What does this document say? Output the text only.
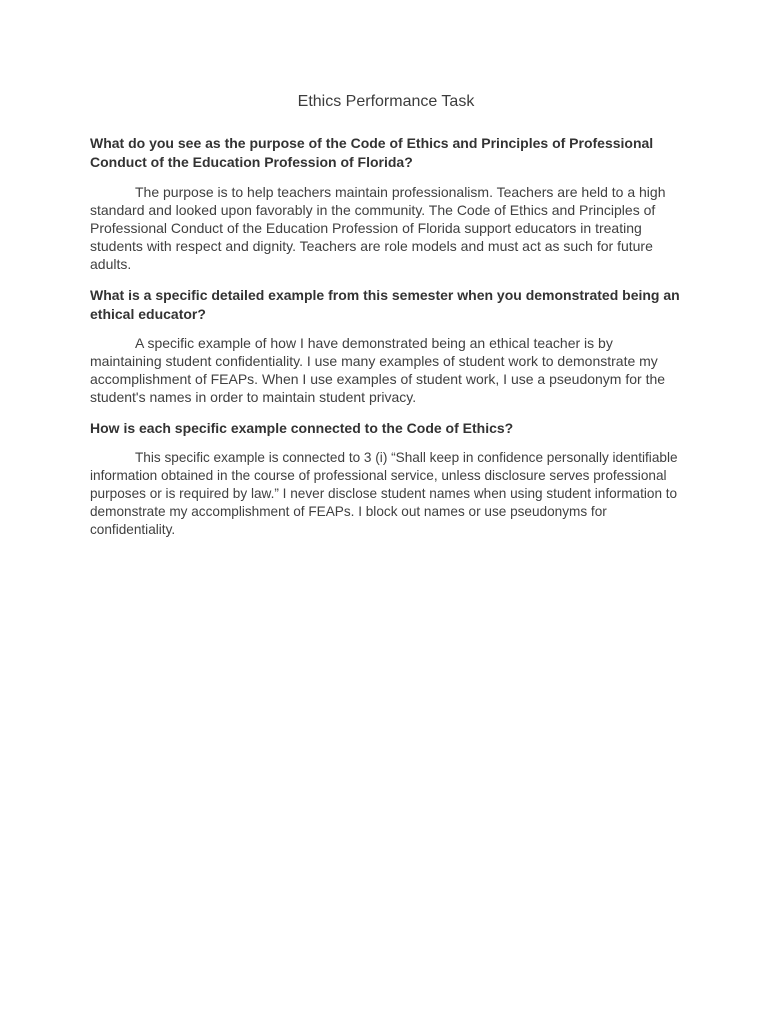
Ethics Performance Task
What do you see as the purpose of the Code of Ethics and Principles of Professional Conduct of the Education Profession of Florida?
The purpose is to help teachers maintain professionalism. Teachers are held to a high standard and looked upon favorably in the community. The Code of Ethics and Principles of Professional Conduct of the Education Profession of Florida support educators in treating students with respect and dignity. Teachers are role models and must act as such for future adults.
What is a specific detailed example from this semester when you demonstrated being an ethical educator?
A specific example of how I have demonstrated being an ethical teacher is by maintaining student confidentiality. I use many examples of student work to demonstrate my accomplishment of FEAPs. When I use examples of student work, I use a pseudonym for the student's names in order to maintain student privacy.
How is each specific example connected to the Code of Ethics?
This specific example is connected to 3 (i) “Shall keep in confidence personally identifiable information obtained in the course of professional service, unless disclosure serves professional purposes or is required by law.” I never disclose student names when using student information to demonstrate my accomplishment of FEAPs. I block out names or use pseudonyms for confidentiality.
